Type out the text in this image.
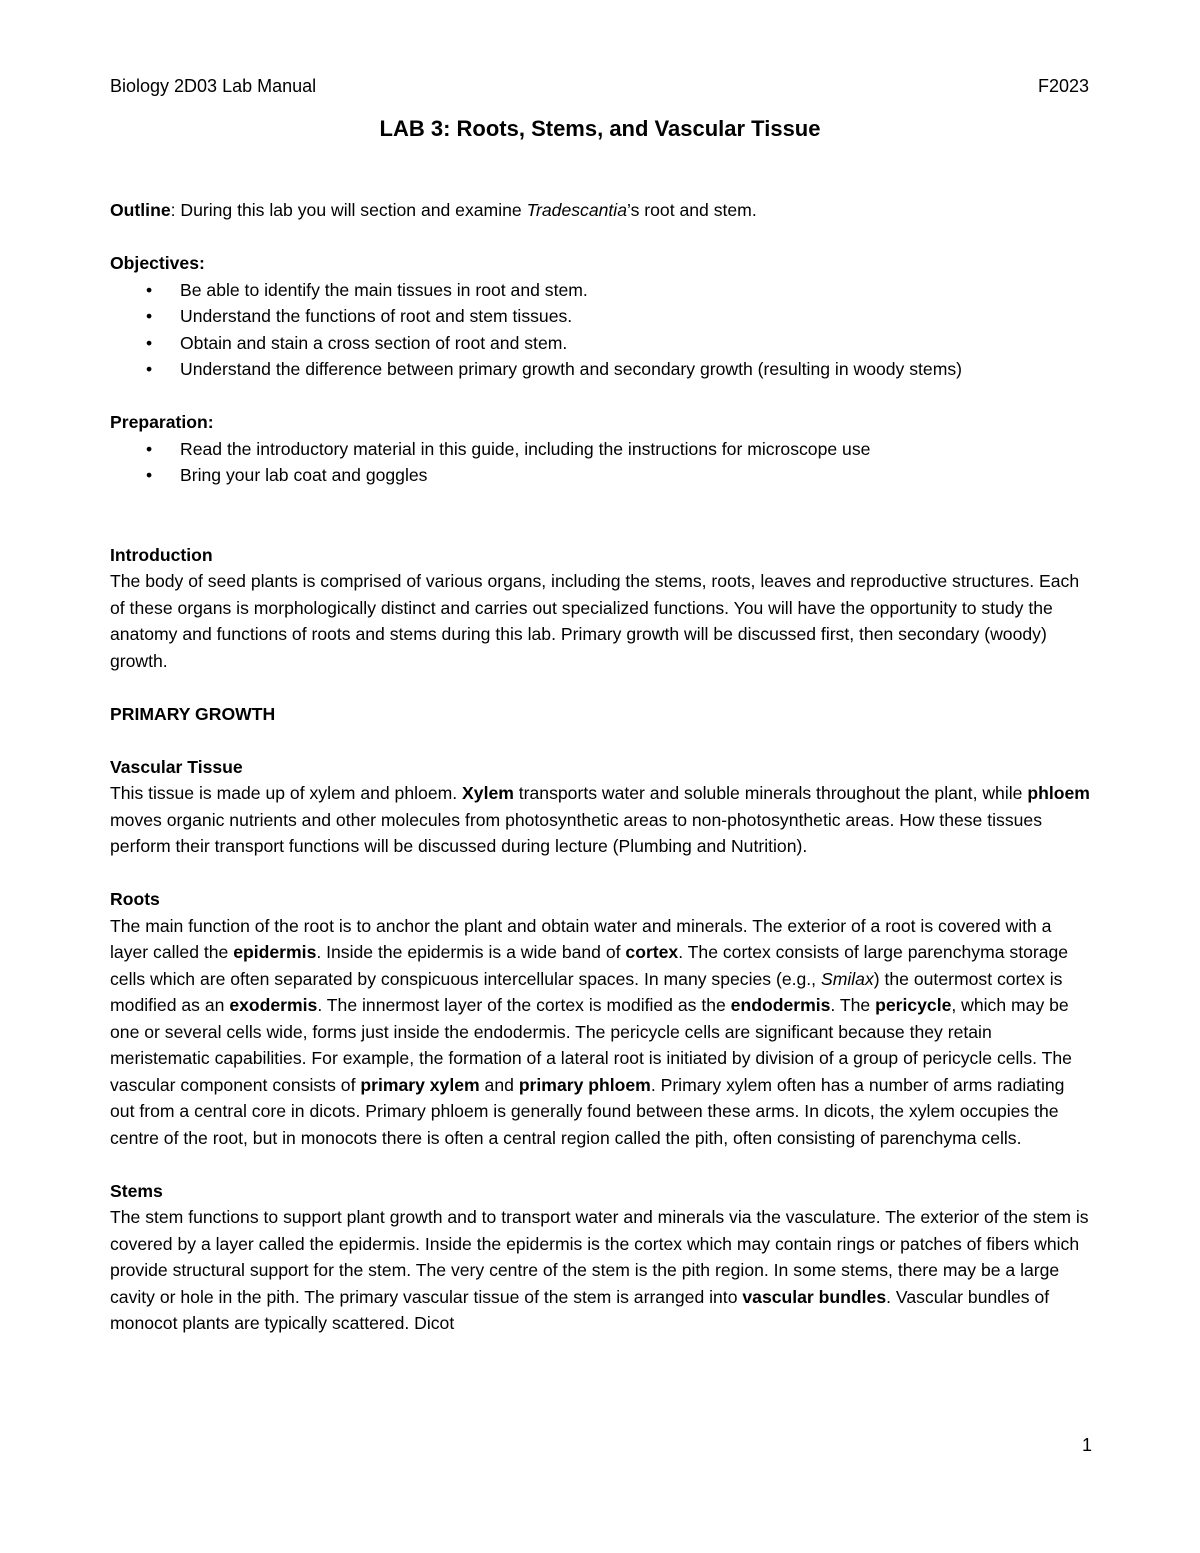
Biology 2D03 Lab Manual	F2023
LAB 3: Roots, Stems, and Vascular Tissue

Outline: During this lab you will section and examine Tradescantia’s root and stem.

Objectives:

• Be able to identify the main tissues in root and stem.
• Understand the functions of root and stem tissues.
• Obtain and stain a cross section of root and stem.
• Understand the difference between primary growth and secondary growth (resulting in woody stems)

Preparation:

• Read the introductory material in this guide, including the instructions for microscope use
• Bring your lab coat and goggles

Introduction

The body of seed plants is comprised of various organs, including the stems, roots, leaves and reproductive structures. Each of these organs is morphologically distinct and carries out specialized functions. You will have the opportunity to study the anatomy and functions of roots and stems during this lab. Primary growth will be discussed first, then secondary (woody) growth.

PRIMARY GROWTH

Vascular Tissue

This tissue is made up of xylem and phloem. Xylem transports water and soluble minerals throughout the plant, while phloem moves organic nutrients and other molecules from photosynthetic areas to non-photosynthetic areas. How these tissues perform their transport functions will be discussed during lecture (Plumbing and Nutrition).

Roots

The main function of the root is to anchor the plant and obtain water and minerals. The exterior of a root is covered with a layer called the epidermis. Inside the epidermis is a wide band of cortex. The cortex consists of large parenchyma storage cells which are often separated by conspicuous intercellular spaces. In many species (e.g., Smilax) the outermost cortex is modified as an exodermis. The innermost layer of the cortex is modified as the endodermis. The pericycle, which may be one or several cells wide, forms just inside the endodermis. The pericycle cells are significant because they retain meristematic capabilities. For example, the formation of a lateral root is initiated by division of a group of pericycle cells. The vascular component consists of primary xylem and primary phloem. Primary xylem often has a number of arms radiating out from a central core in dicots. Primary phloem is generally found between these arms. In dicots, the xylem occupies the centre of the root, but in monocots there is often a central region called the pith, often consisting of parenchyma cells.

Stems

The stem functions to support plant growth and to transport water and minerals via the vasculature. The exterior of the stem is covered by a layer called the epidermis. Inside the epidermis is the cortex which may contain rings or patches of fibers which provide structural support for the stem. The very centre of the stem is the pith region. In some stems, there may be a large cavity or hole in the pith. The primary vascular tissue of the stem is arranged into vascular bundles. Vascular bundles of monocot plants are typically scattered. Dicot

1
